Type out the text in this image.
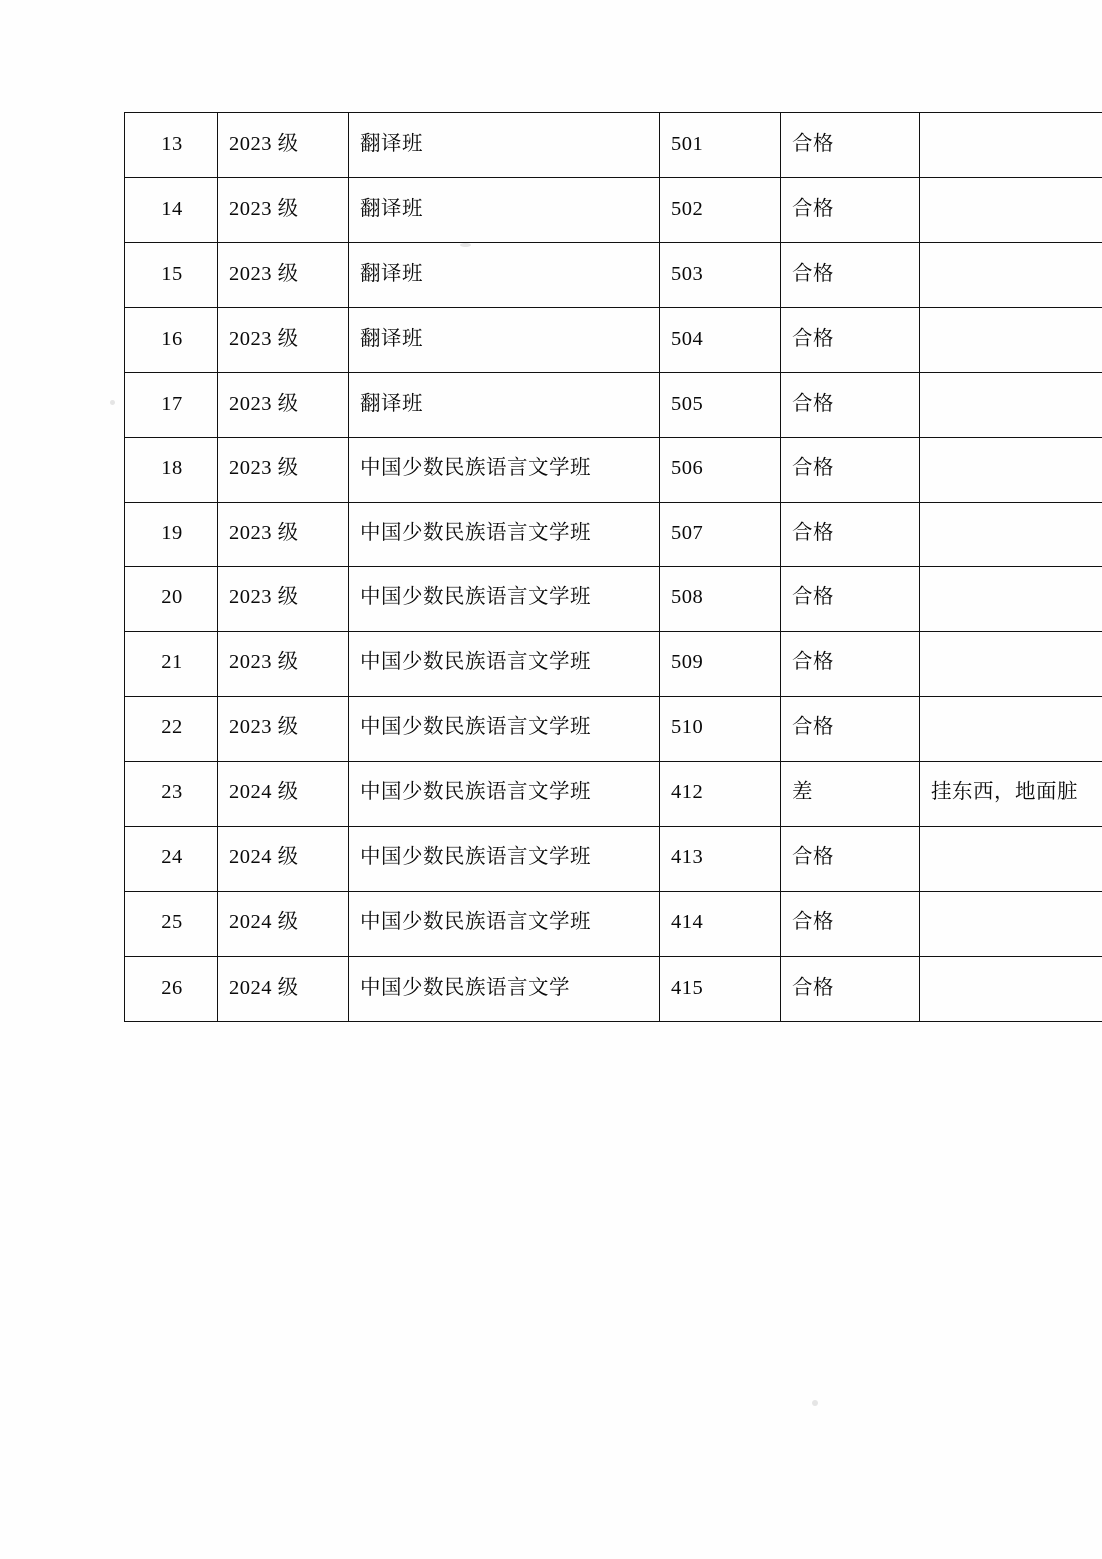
13	2023 级	翻译班	501	合格	
14	2023 级	翻译班	502	合格	
15	2023 级	翻译班	503	合格	
16	2023 级	翻译班	504	合格	
17	2023 级	翻译班	505	合格	
18	2023 级	中国少数民族语言文学班	506	合格	
19	2023 级	中国少数民族语言文学班	507	合格	
20	2023 级	中国少数民族语言文学班	508	合格	
21	2023 级	中国少数民族语言文学班	509	合格	
22	2023 级	中国少数民族语言文学班	510	合格	
23	2024 级	中国少数民族语言文学班	412	差	挂东西，地面脏
24	2024 级	中国少数民族语言文学班	413	合格	
25	2024 级	中国少数民族语言文学班	414	合格	
26	2024 级	中国少数民族语言文学	415	合格	
